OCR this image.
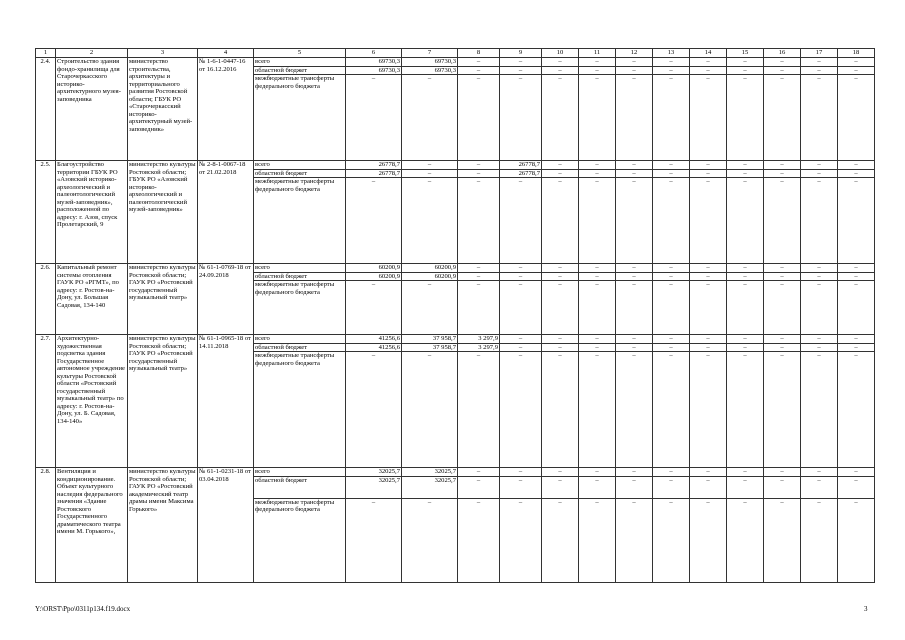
1	2	3	4	5	6	7	8	9	10	11	12	13	14	15	16	17	18
2.4.	Строительство здания фондо-хранилища для Старочеркасского историко-архитектурного музея-заповедника	министерство строительства, архитектуры и территориального развития Ростовской области; ГБУК РО «Старочеркасский историко-архитектурный музей-заповедник»	№ 1-6-1-0447-16 от 16.12.2016	всего	69730,3	69730,3	–	–	–	–	–	–	–	–	–	–	–
				областной бюджет	69730,3	69730,3	–	–	–	–	–	–	–	–	–	–	–
				межбюджетные трансферты федерального бюджета	–	–	–	–	–	–	–	–	–	–	–	–	–
2.5.	Благоустройство территории ГБУК РО «Азовский историко-археологический и палеонтологический музей-заповедник», расположенной по адресу: г. Азов, спуск Пролетарский, 9	министерство культуры Ростовской области; ГБУК РО «Азовский историко-археологический и палеонтологический музей-заповедник»	№ 2-8-1-0067-18 от 21.02.2018	всего	26778,7	–	–	26778,7	–	–	–	–	–	–	–	–	–
				областной бюджет	26778,7	–	–	26778,7	–	–	–	–	–	–	–	–	–
				межбюджетные трансферты федерального бюджета	–	–	–	–	–	–	–	–	–	–	–	–	–
2.6.	Капитальный ремонт системы отопления ГАУК РО «РГМТ», по адресу: г. Ростов-на-Дону, ул. Большая Садовая, 134-140	министерство культуры Ростовской области; ГАУК РО «Ростовский государственный музыкальный театр»	№ 61-1-0769-18 от 24.09.2018	всего	60200,9	60200,9	–	–	–	–	–	–	–	–	–	–	–
				областной бюджет	60200,9	60200,9	–	–	–	–	–	–	–	–	–	–	–
				межбюджетные трансферты федерального бюджета	–	–	–	–	–	–	–	–	–	–	–	–	–
2.7.	Архитектурно-художественная подсветка здания Государственное автономное учреждение культуры Ростовской области «Ростовский государственный музыкальный театр» по адресу: г. Ростов-на-Дону, ул. Б. Садовая, 134-140»	министерство культуры Ростовской области; ГАУК РО «Ростовский государственный музыкальный театр»	№ 61-1-0965-18 от 14.11.2018	всего	41256,6	37 958,7	3 297,9	–	–	–	–	–	–	–	–	–	–
				областной бюджет	41256,6	37 958,7	3 297,9	–	–	–	–	–	–	–	–	–	–
				межбюджетные трансферты федерального бюджета	–	–	–	–	–	–	–	–	–	–	–	–	–
2.8.	Вентиляция и кондиционирование. Объект культурного наследия федерального значения «Здание Ростовского Государственного драматического театра имени М. Горького»,	министерство культуры Ростовской области; ГАУК РО «Ростовский академический театр драмы имени Максима Горького»	№ 61-1-0231-18 от 03.04.2018	всего	32025,7	32025,7	–	–	–	–	–	–	–	–	–	–	–
				областной бюджет	32025,7	32025,7	–	–	–	–	–	–	–	–	–	–	–
				межбюджетные трансферты федерального бюджета	–	–	–	–	–	–	–	–	–	–	–	–	–
Y:\ORST\Ppo\0311p134.f19.docx	3
